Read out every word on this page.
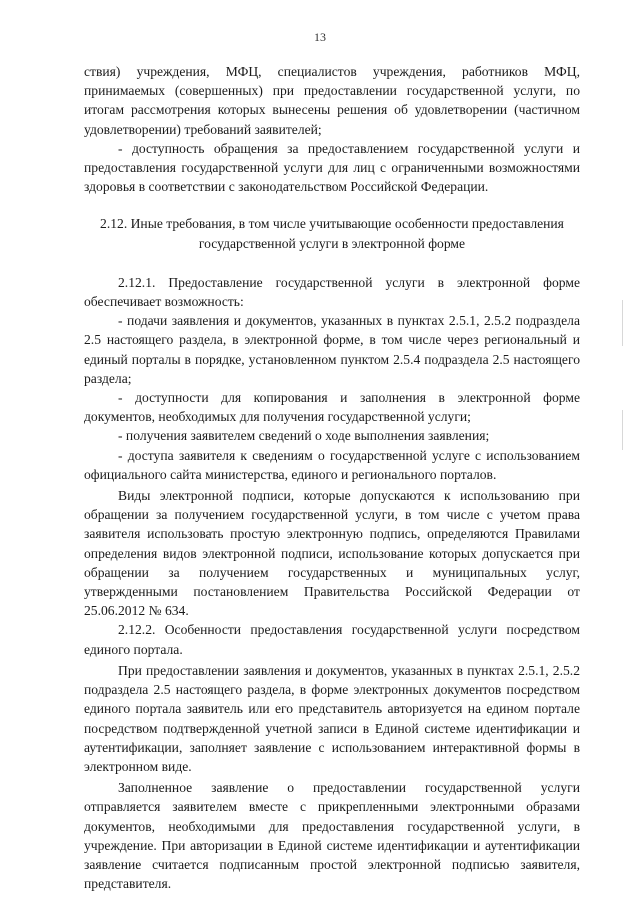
13

ствия) учреждения, МФЦ, специалистов учреждения, работников МФЦ, принимаемых (совершенных) при предоставлении государственной услуги, по итогам рассмотрения которых вынесены решения об удовлетворении (частичном удовлетворении) требований заявителей;

- доступность обращения за предоставлением государственной услуги и предоставления государственной услуги для лиц с ограниченными возможностями здоровья в соответствии с законодательством Российской Федерации.

2.12. Иные требования, в том числе учитывающие особенности предоставления государственной услуги в электронной форме

2.12.1. Предоставление государственной услуги в электронной форме обеспечивает возможность:

- подачи заявления и документов, указанных в пунктах 2.5.1, 2.5.2 подраздела 2.5 настоящего раздела, в электронной форме, в том числе через региональный и единый порталы в порядке, установленном пунктом 2.5.4 подраздела 2.5 настоящего раздела;

- доступности для копирования и заполнения в электронной форме документов, необходимых для получения государственной услуги;

- получения заявителем сведений о ходе выполнения заявления;

- доступа заявителя к сведениям о государственной услуге с использованием официального сайта министерства, единого и регионального порталов.

Виды электронной подписи, которые допускаются к использованию при обращении за получением государственной услуги, в том числе с учетом права заявителя использовать простую электронную подпись, определяются Правилами определения видов электронной подписи, использование которых допускается при обращении за получением государственных и муниципальных услуг, утвержденными постановлением Правительства Российской Федерации от 25.06.2012 № 634.

2.12.2. Особенности предоставления государственной услуги посредством единого портала.

При предоставлении заявления и документов, указанных в пунктах 2.5.1, 2.5.2 подраздела 2.5 настоящего раздела, в форме электронных документов посредством единого портала заявитель или его представитель авторизуется на едином портале посредством подтвержденной учетной записи в Единой системе идентификации и аутентификации, заполняет заявление с использованием интерактивной формы в электронном виде.

Заполненное заявление о предоставлении государственной услуги отправляется заявителем вместе с прикрепленными электронными образами документов, необходимыми для предоставления государственной услуги, в учреждение. При авторизации в Единой системе идентификации и аутентификации заявление считается подписанным простой электронной подписью заявителя, представителя.
